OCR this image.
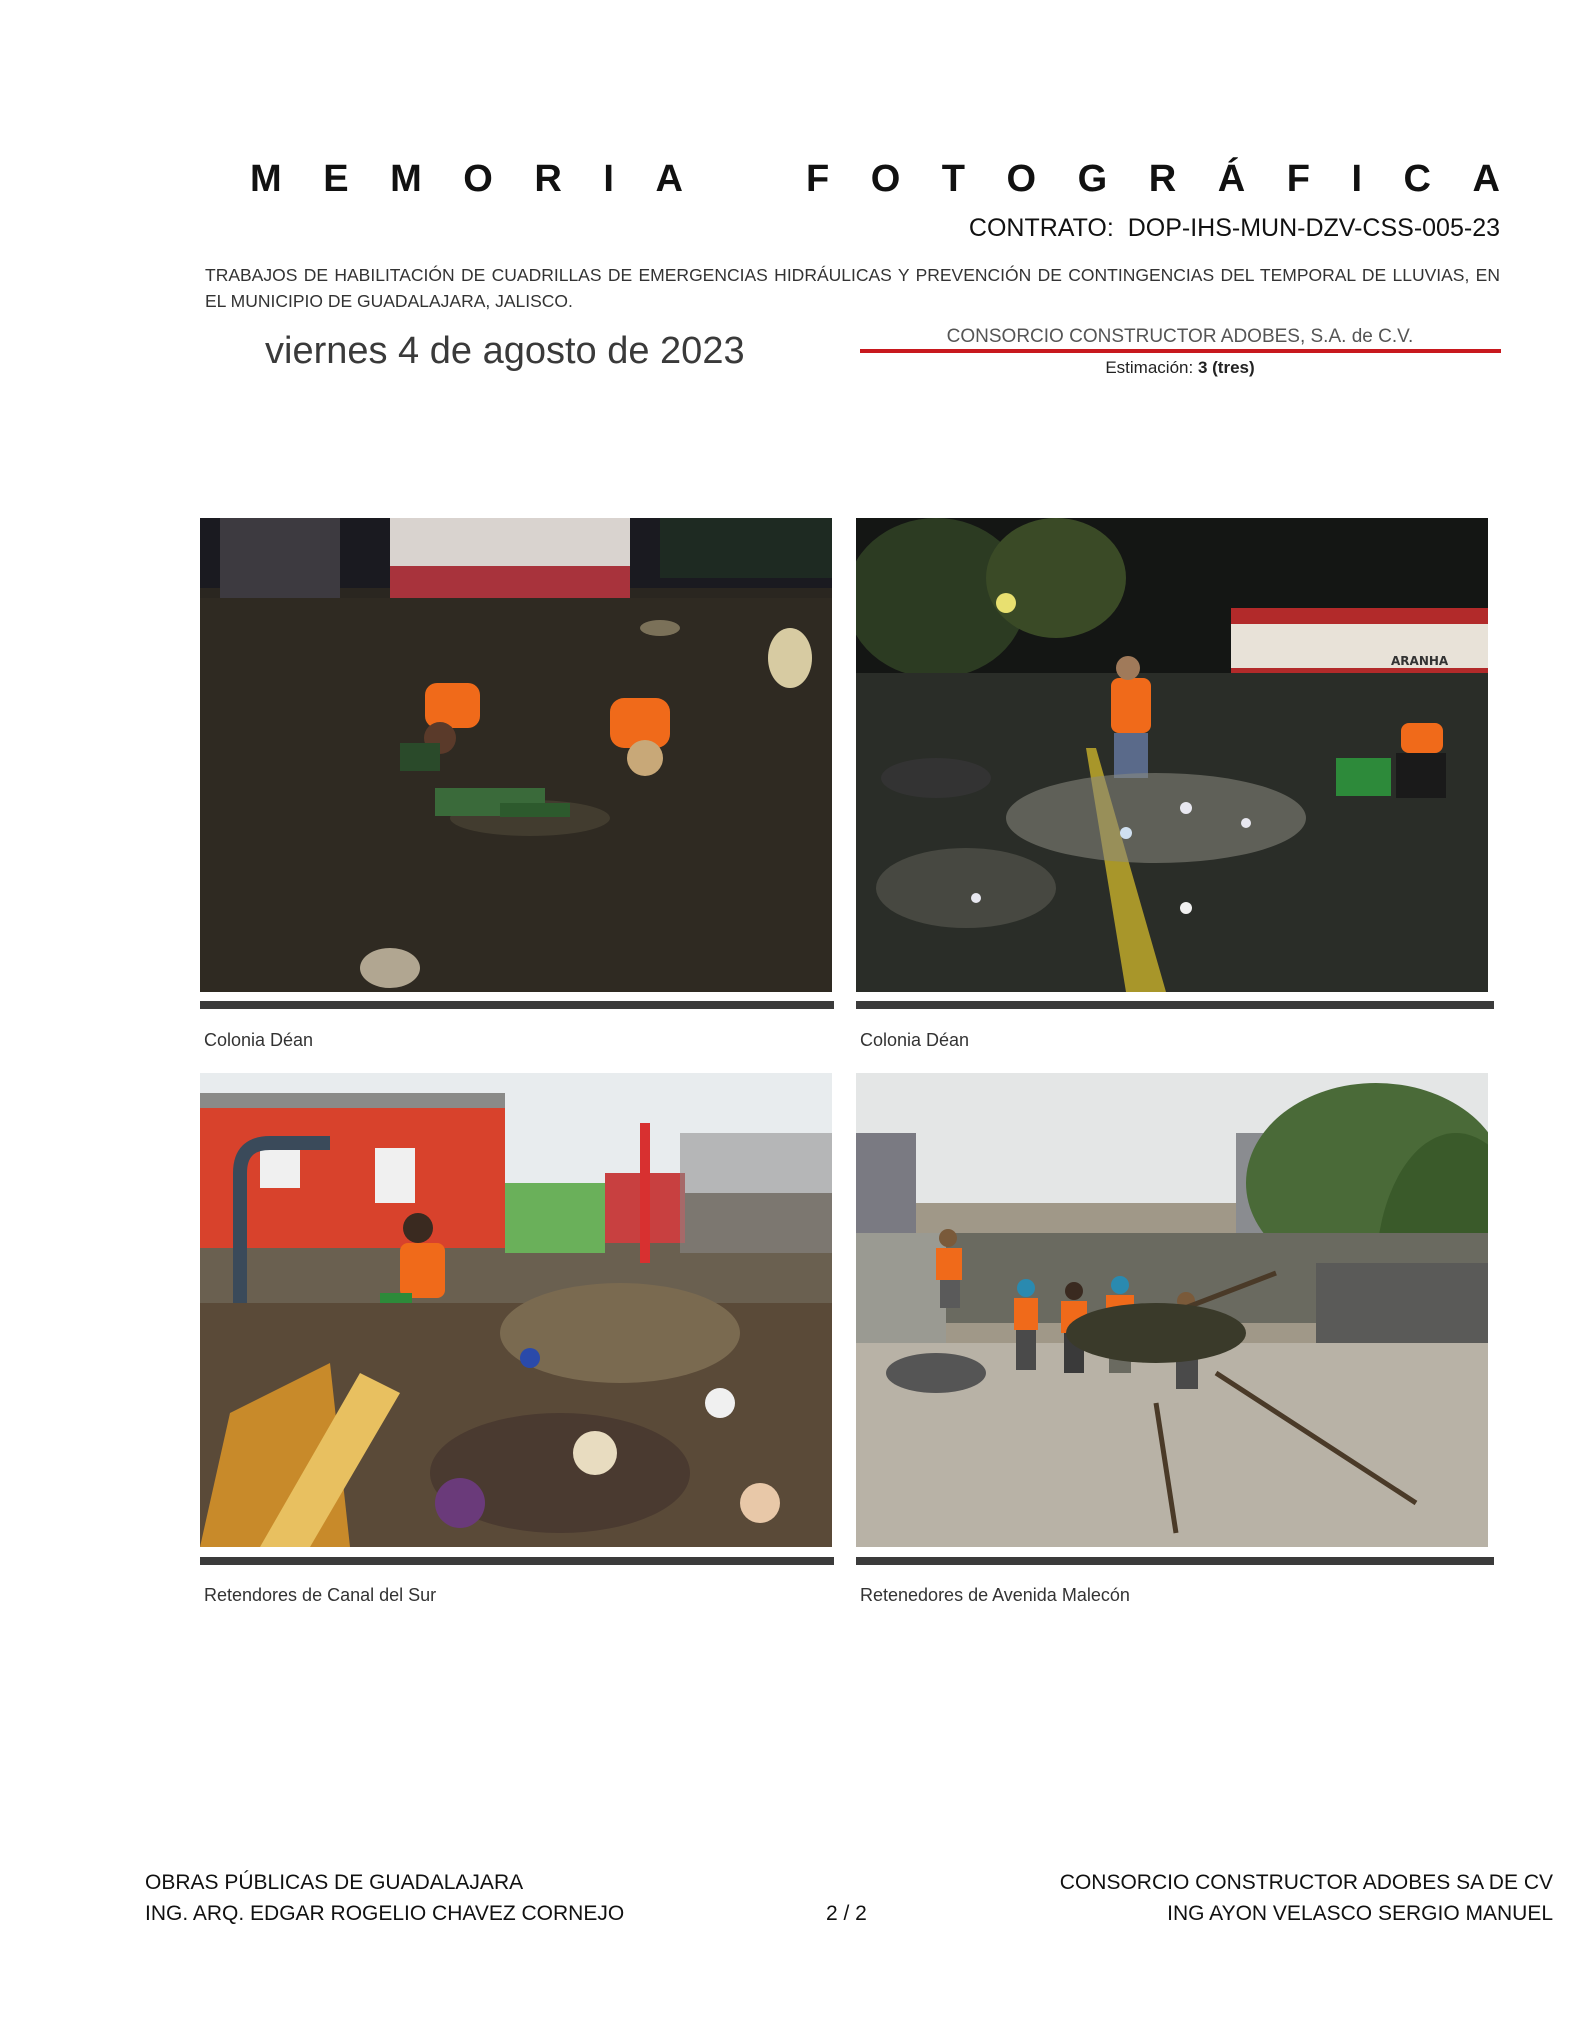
M E M O R I A	F O T O G R Á F I C A
CONTRATO: DOP-IHS-MUN-DZV-CSS-005-23
TRABAJOS DE HABILITACIÓN DE CUADRILLAS DE EMERGENCIAS HIDRÁULICAS Y PREVENCIÓN DE CONTINGENCIAS DEL TEMPORAL DE LLUVIAS, EN EL MUNICIPIO DE GUADALAJARA, JALISCO.
viernes 4 de agosto de 2023	CONSORCIO CONSTRUCTOR ADOBES, S.A. de C.V.
Estimación: 3 (tres)
Colonia Déan
ARANHA
Colonia Déan
Retendores de Canal del Sur	Retenedores de Avenida Malecón
OBRAS PÚBLICAS DE GUADALAJARA
ING. ARQ. EDGAR ROGELIO CHAVEZ CORNEJO	2 / 2
CONSORCIO CONSTRUCTOR ADOBES SA DE CV
ING AYON VELASCO SERGIO MANUEL
